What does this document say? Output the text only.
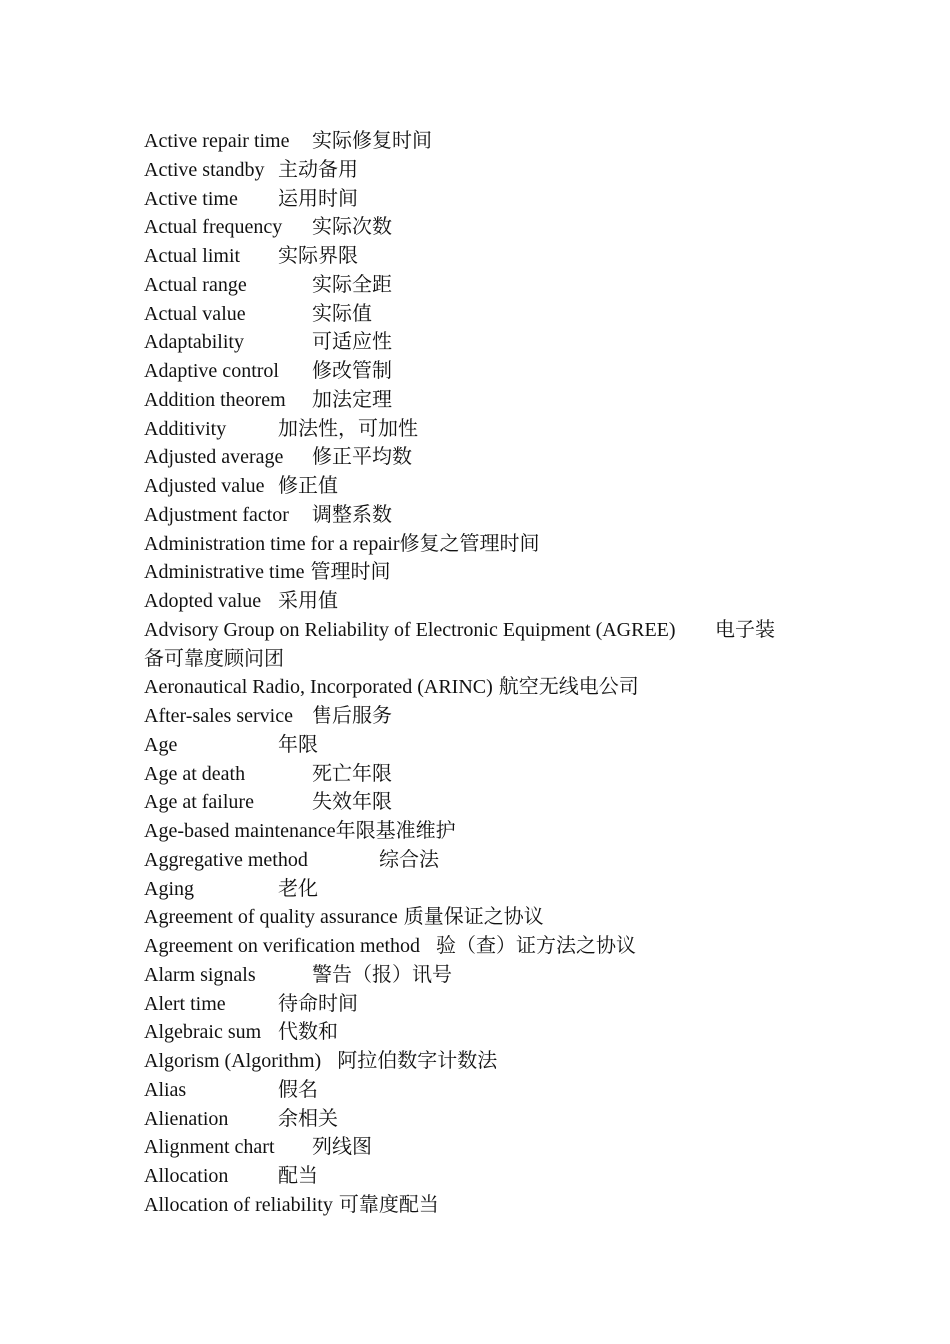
Active repair time 实际修复时间
Active standby 主动备用
Active time 运用时间
Actual frequency 实际次数
Actual limit 实际界限
Actual range	实际全距
Actual value	实际值
Adaptability	可适应性
Adaptive control 修改管制
Addition theorem 加法定理
Additivity	加法性，可加性
Adjusted average 修正平均数
Adjusted value 修正值
Adjustment factor 调整系数
Administration time for a repair修复之管理时间
Administrative time 管理时间
Adopted value 采用值
Advisory Group on Reliability of Electronic Equipment (AGREE) 电子装
备可靠度顾问团
Aeronautical Radio, Incorporated (ARINC) 航空无线电公司
After-sales service 售后服务
Age	年限
Age at death	死亡年限
Age at failure	失效年限
Age-based maintenance年限基准维护
Aggregative method	综合法
Aging	老化
Agreement of quality assurance 质量保证之协议
Agreement on verification method 验（查）证方法之协议
Alarm signals	警告（报）讯号
Alert time	待命时间
Algebraic sum 代数和
Algorism (Algorithm) 阿拉伯数字计数法
Alias	假名
Alienation 余相关
Alignment chart 列线图
Allocation 配当
Allocation of reliability 可靠度配当
